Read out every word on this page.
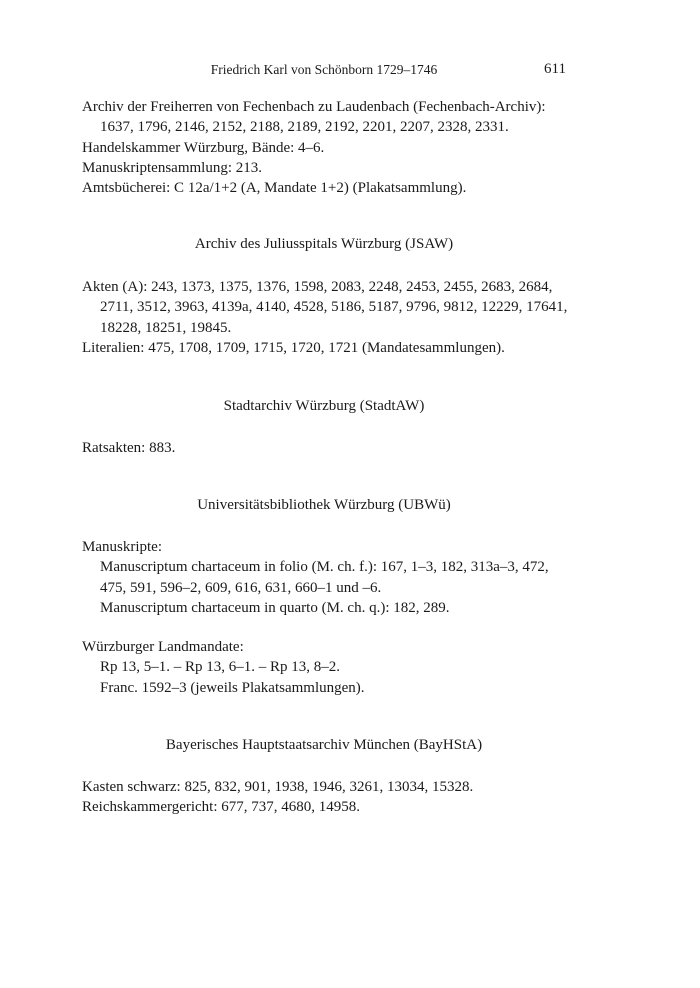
Friedrich Karl von Schönborn 1729–1746	611
Archiv der Freiherren von Fechenbach zu Laudenbach (Fechenbach-Archiv):
1637, 1796, 2146, 2152, 2188, 2189, 2192, 2201, 2207, 2328, 2331.
Handelskammer Würzburg, Bände: 4–6.
Manuskriptensammlung: 213.
Amtsbücherei: C 12a/1+2 (A, Mandate 1+2) (Plakatsammlung).
Archiv des Juliusspitals Würzburg (JSAW)
Akten (A): 243, 1373, 1375, 1376, 1598, 2083, 2248, 2453, 2455, 2683, 2684,
2711, 3512, 3963, 4139a, 4140, 4528, 5186, 5187, 9796, 9812, 12229, 17641,
18228, 18251, 19845.
Literalien: 475, 1708, 1709, 1715, 1720, 1721 (Mandatesammlungen).
Stadtarchiv Würzburg (StadtAW)
Ratsakten: 883.
Universitätsbibliothek Würzburg (UBWü)
Manuskripte:
Manuscriptum chartaceum in folio (M. ch. f.): 167, 1–3, 182, 313a–3, 472,
475, 591, 596–2, 609, 616, 631, 660–1 und –6.
Manuscriptum chartaceum in quarto (M. ch. q.): 182, 289.
Würzburger Landmandate:
Rp 13, 5–1. – Rp 13, 6–1. – Rp 13, 8–2.
Franc. 1592–3 (jeweils Plakatsammlungen).
Bayerisches Hauptstaatsarchiv München (BayHStA)
Kasten schwarz: 825, 832, 901, 1938, 1946, 3261, 13034, 15328.
Reichskammergericht: 677, 737, 4680, 14958.
